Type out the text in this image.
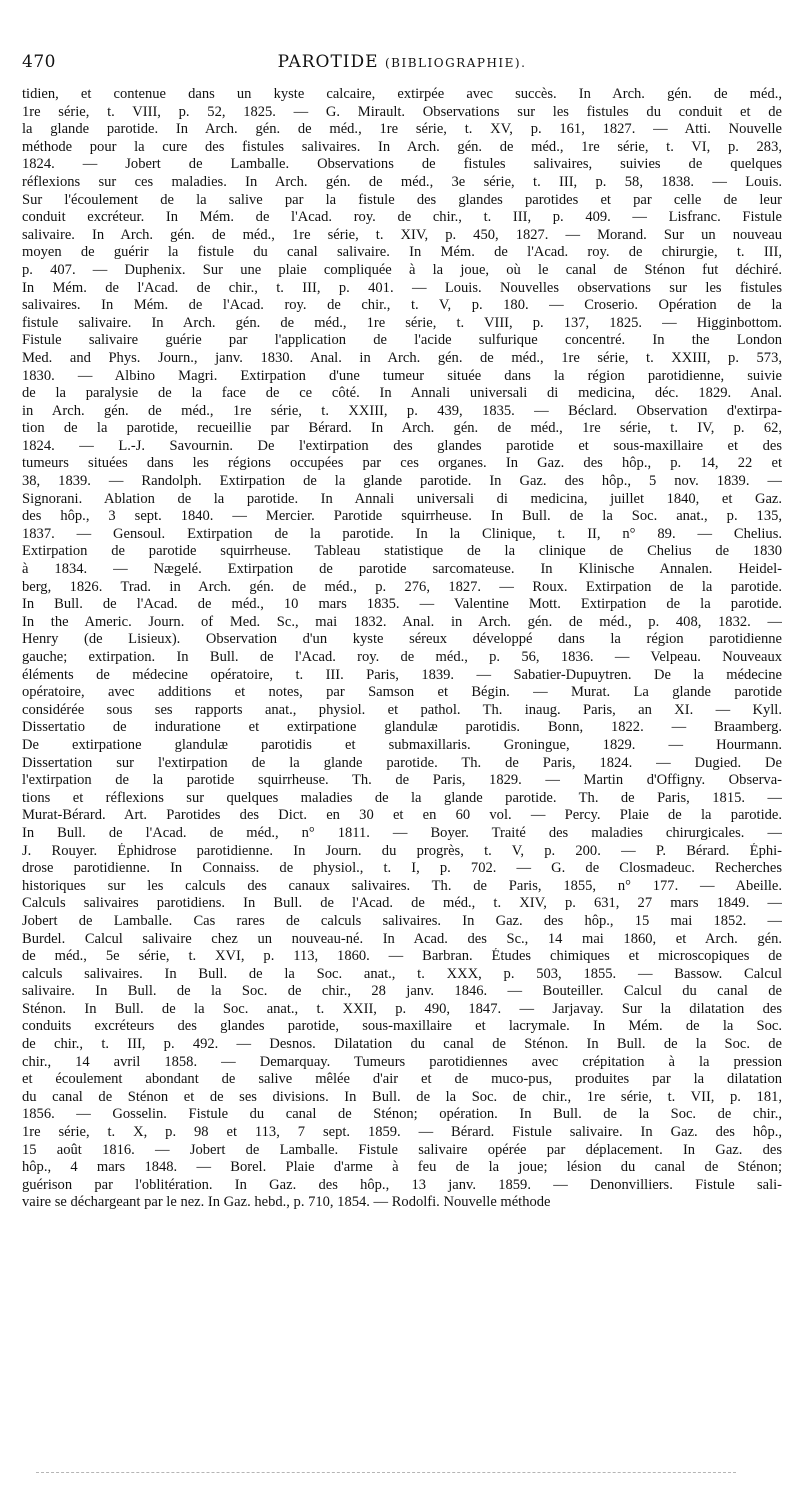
470	PAROTIDE (BIBLIOGRAPHIE).
tidien, et contenue dans un kyste calcaire, extirpée avec succès. In Arch. gén. de méd.,
1re série, t. VIII, p. 52, 1825. — G. Mirault. Observations sur les fistules du conduit et de
la glande parotide. In Arch. gén. de méd., 1re série, t. XV, p. 161, 1827. — Atti. Nouvelle
méthode pour la cure des fistules salivaires. In Arch. gén. de méd., 1re série, t. VI, p. 283,
1824. — Jobert de Lamballe. Observations de fistules salivaires, suivies de quelques
réflexions sur ces maladies. In Arch. gén. de méd., 3e série, t. III, p. 58, 1838. — Louis.
Sur l'écoulement de la salive par la fistule des glandes parotides et par celle de leur
conduit excréteur. In Mém. de l'Acad. roy. de chir., t. III, p. 409. — Lisfranc. Fistule
salivaire. In Arch. gén. de méd., 1re série, t. XIV, p. 450, 1827. — Morand. Sur un nouveau
moyen de guérir la fistule du canal salivaire. In Mém. de l'Acad. roy. de chirurgie, t. III,
p. 407. — Duphenix. Sur une plaie compliquée à la joue, où le canal de Sténon fut déchiré.
In Mém. de l'Acad. de chir., t. III, p. 401. — Louis. Nouvelles observations sur les fistules
salivaires. In Mém. de l'Acad. roy. de chir., t. V, p. 180. — Croserio. Opération de la
fistule salivaire. In Arch. gén. de méd., 1re série, t. VIII, p. 137, 1825. — Higginbottom.
Fistule salivaire guérie par l'application de l'acide sulfurique concentré. In the London
Med. and Phys. Journ., janv. 1830. Anal. in Arch. gén. de méd., 1re série, t. XXIII, p. 573,
1830. — Albino Magri. Extirpation d'une tumeur située dans la région parotidienne, suivie
de la paralysie de la face de ce côté. In Annali universali di medicina, déc. 1829. Anal.
in Arch. gén. de méd., 1re série, t. XXIII, p. 439, 1835. — Béclard. Observation d'extirpa-
tion de la parotide, recueillie par Bérard. In Arch. gén. de méd., 1re série, t. IV, p. 62,
1824. — L.-J. Savournin. De l'extirpation des glandes parotide et sous-maxillaire et des
tumeurs situées dans les régions occupées par ces organes. In Gaz. des hôp., p. 14, 22 et
38, 1839. — Randolph. Extirpation de la glande parotide. In Gaz. des hôp., 5 nov. 1839. —
Signorani. Ablation de la parotide. In Annali universali di medicina, juillet 1840, et Gaz.
des hôp., 3 sept. 1840. — Mercier. Parotide squirrheuse. In Bull. de la Soc. anat., p. 135,
1837. — Gensoul. Extirpation de la parotide. In la Clinique, t. II, n° 89. — Chelius.
Extirpation de parotide squirrheuse. Tableau statistique de la clinique de Chelius de 1830
à 1834. — Nægelé. Extirpation de parotide sarcomateuse. In Klinische Annalen. Heidel-
berg, 1826. Trad. in Arch. gén. de méd., p. 276, 1827. — Roux. Extirpation de la parotide.
In Bull. de l'Acad. de méd., 10 mars 1835. — Valentine Mott. Extirpation de la parotide.
In the Americ. Journ. of Med. Sc., mai 1832. Anal. in Arch. gén. de méd., p. 408, 1832. —
Henry (de Lisieux). Observation d'un kyste séreux développé dans la région parotidienne
gauche; extirpation. In Bull. de l'Acad. roy. de méd., p. 56, 1836. — Velpeau. Nouveaux
éléments de médecine opératoire, t. III. Paris, 1839. — Sabatier-Dupuytren. De la médecine
opératoire, avec additions et notes, par Samson et Bégin. — Murat. La glande parotide
considérée sous ses rapports anat., physiol. et pathol. Th. inaug. Paris, an XI. — Kyll.
Dissertatio de induratione et extirpatione glandulæ parotidis. Bonn, 1822. — Braamberg.
De extirpatione glandulæ parotidis et submaxillaris. Groningue, 1829. — Hourmann.
Dissertation sur l'extirpation de la glande parotide. Th. de Paris, 1824. — Dugied. De
l'extirpation de la parotide squirrheuse. Th. de Paris, 1829. — Martin d'Offigny. Observa-
tions et réflexions sur quelques maladies de la glande parotide. Th. de Paris, 1815. —
Murat-Bérard. Art. Parotides des Dict. en 30 et en 60 vol. — Percy. Plaie de la parotide.
In Bull. de l'Acad. de méd., n° 1811. — Boyer. Traité des maladies chirurgicales. —
J. Rouyer. Éphidrose parotidienne. In Journ. du progrès, t. V, p. 200. — P. Bérard. Éphi-
drose parotidienne. In Connaiss. de physiol., t. I, p. 702. — G. de Closmadeuc. Recherches
historiques sur les calculs des canaux salivaires. Th. de Paris, 1855, n° 177. — Abeille.
Calculs salivaires parotidiens. In Bull. de l'Acad. de méd., t. XIV, p. 631, 27 mars 1849. —
Jobert de Lamballe. Cas rares de calculs salivaires. In Gaz. des hôp., 15 mai 1852. —
Burdel. Calcul salivaire chez un nouveau-né. In Acad. des Sc., 14 mai 1860, et Arch. gén.
de méd., 5e série, t. XVI, p. 113, 1860. — Barbran. Études chimiques et microscopiques de
calculs salivaires. In Bull. de la Soc. anat., t. XXX, p. 503, 1855. — Bassow. Calcul
salivaire. In Bull. de la Soc. de chir., 28 janv. 1846. — Bouteiller. Calcul du canal de
Sténon. In Bull. de la Soc. anat., t. XXII, p. 490, 1847. — Jarjavay. Sur la dilatation des
conduits excréteurs des glandes parotide, sous-maxillaire et lacrymale. In Mém. de la Soc.
de chir., t. III, p. 492. — Desnos. Dilatation du canal de Sténon. In Bull. de la Soc. de
chir., 14 avril 1858. — Demarquay. Tumeurs parotidiennes avec crépitation à la pression
et écoulement abondant de salive mêlée d'air et de muco-pus, produites par la dilatation
du canal de Sténon et de ses divisions. In Bull. de la Soc. de chir., 1re série, t. VII, p. 181,
1856. — Gosselin. Fistule du canal de Sténon; opération. In Bull. de la Soc. de chir.,
1re série, t. X, p. 98 et 113, 7 sept. 1859. — Bérard. Fistule salivaire. In Gaz. des hôp.,
15 août 1816. — Jobert de Lamballe. Fistule salivaire opérée par déplacement. In Gaz. des
hôp., 4 mars 1848. — Borel. Plaie d'arme à feu de la joue; lésion du canal de Sténon;
guérison par l'oblitération. In Gaz. des hôp., 13 janv. 1859. — Denonvilliers. Fistule sali-
vaire se déchargeant par le nez. In Gaz. hebd., p. 710, 1854. — Rodolfi. Nouvelle méthode
